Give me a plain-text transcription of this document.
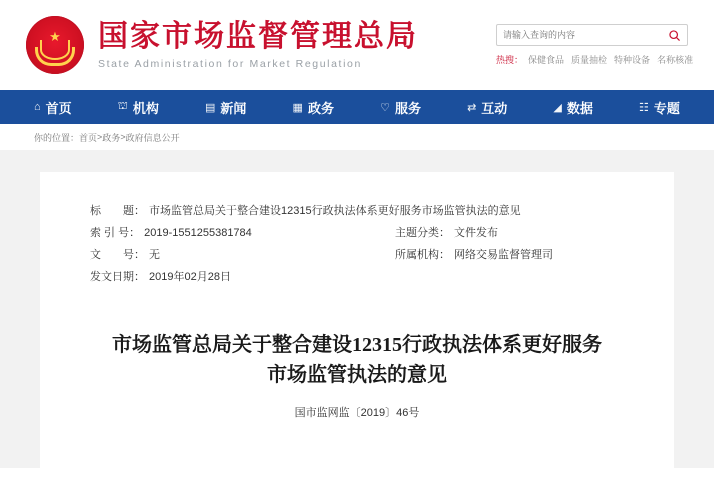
★ 国家市场监督管理总局
State Administration for Market Regulation
请输入查询的内容	热搜： 保健食品 质量抽检 特种设备 名称核准
⌂ 首页	⛫ 机构	▤ 新闻	▦ 政务	♡ 服务	⇄ 互动	◢ 数据	☷ 专题
你的位置： 首页 > 政务 > 政府信息公开
标　　题： 市场监管总局关于整合建设12315行政执法体系更好服务市场监管执法的意见
索 引 号： 2019-1551255381784	主题分类： 文件发布
文　　号： 无	所属机构： 网络交易监督管理司
发文日期： 2019年02月28日
市场监管总局关于整合建设12315行政执法体系更好服务市场监管执法的意见
国市监网监〔2019〕46号
